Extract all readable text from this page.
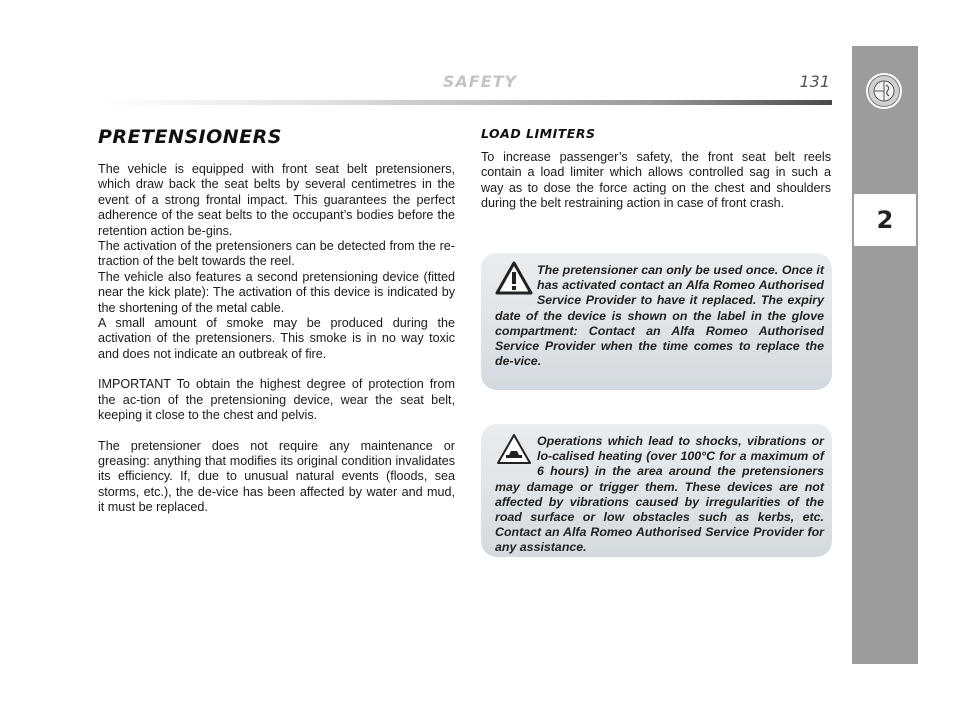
SAFETY	131
2
PRETENSIONERS

The vehicle is equipped with front seat belt pretensioners, which draw back the seat belts by several centimetres in the event of a strong frontal impact. This guarantees the perfect adherence of the seat belts to the occupant’s bodies before the retention action be-gins.

The activation of the pretensioners can be detected from the re-traction of the belt towards the reel.

The vehicle also features a second pretensioning device (fitted near the kick plate): The activation of this device is indicated by the shortening of the metal cable.

A small amount of smoke may be produced during the activation of the pretensioners. This smoke is in no way toxic and does not indicate an outbreak of fire.

IMPORTANT To obtain the highest degree of protection from the ac-tion of the pretensioning device, wear the seat belt, keeping it close to the chest and pelvis.

The pretensioner does not require any maintenance or greasing: anything that modifies its original condition invalidates its efficiency. If, due to unusual natural events (floods, sea storms, etc.), the de-vice has been affected by water and mud, it must be replaced.

LOAD LIMITERS

To increase passenger’s safety, the front seat belt reels contain a load limiter which allows controlled sag in such a way as to dose the force acting on the chest and shoulders during the belt restraining action in case of front crash.

The pretensioner can only be used once. Once it has activated contact an Alfa Romeo Authorised Service Provider to have it replaced. The expiry date of the device is shown on the label in the glove compartment: Contact an Alfa Romeo Authorised Service Provider when the time comes to replace the de-vice.

Operations which lead to shocks, vibrations or lo-calised heating (over 100°C for a maximum of 6 hours) in the area around the pretensioners may damage or trigger them. These devices are not affected by vibrations caused by irregularities of the road surface or low obstacles such as kerbs, etc. Contact an Alfa Romeo Authorised Service Provider for any assistance.
